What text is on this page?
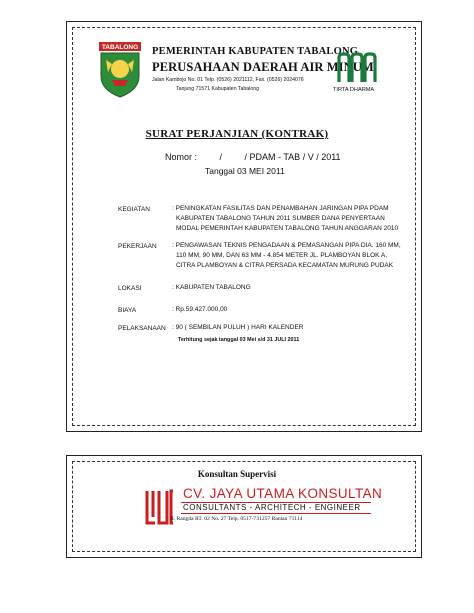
TABALONG PEMERINTAH KABUPATEN TABALONG
PERUSAHAAN DAERAH AIR MINUM
Jalan Kambojo No. 01 Telp. (0526) 2021112, Fax. (0526) 2024076
Tanjung 71571 Kabupaten Tabalong	TIRTA DHARMA
SURAT PERJANJIAN (KONTRAK)
Nomor :         /         / PDAM - TAB / V / 2011
Tanggal 03 MEI 2011
KEGIATAN	: PENINGKATAN FASILITAS DAN PENAMBAHAN JARINGAN PIPA PDAM
KABUPATEN TABALONG TAHUN 2011 SUMBER DANA PENYERTAAN
MODAL PEMERINTAH KABUPATEN TABALONG TAHUN ANGGARAN 2010
PEKERJAAN : PENGAWASAN TEKNIS PENGADAAN & PEMASANGAN PIPA DIA. 160 MM,
110 MM, 90 MM, DAN 63 MM - 4.854 METER JL. PLAMBOYAN BLOK A,
CITRA PLAMBOYAN & CITRA PERSADA KECAMATAN MURUNG PUDAK
LOKASI	: KABUPATEN TABALONG
BIAYA	: Rp.59.427.000,00
PELAKSANAAN : 90 ( SEMBILAN PULUH ) HARI KALENDER
Terhitung sejak tanggal 03 Mei s/d 31 JULI 2011
Konsultan Supervisi
CV. JAYA UTAMA KONSULTAN
CONSULTANTS - ARCHITECH - ENGINEER
Jl. Rangda RT. 02 No. 27 Telp. 0517-731257 Rantau 71114
